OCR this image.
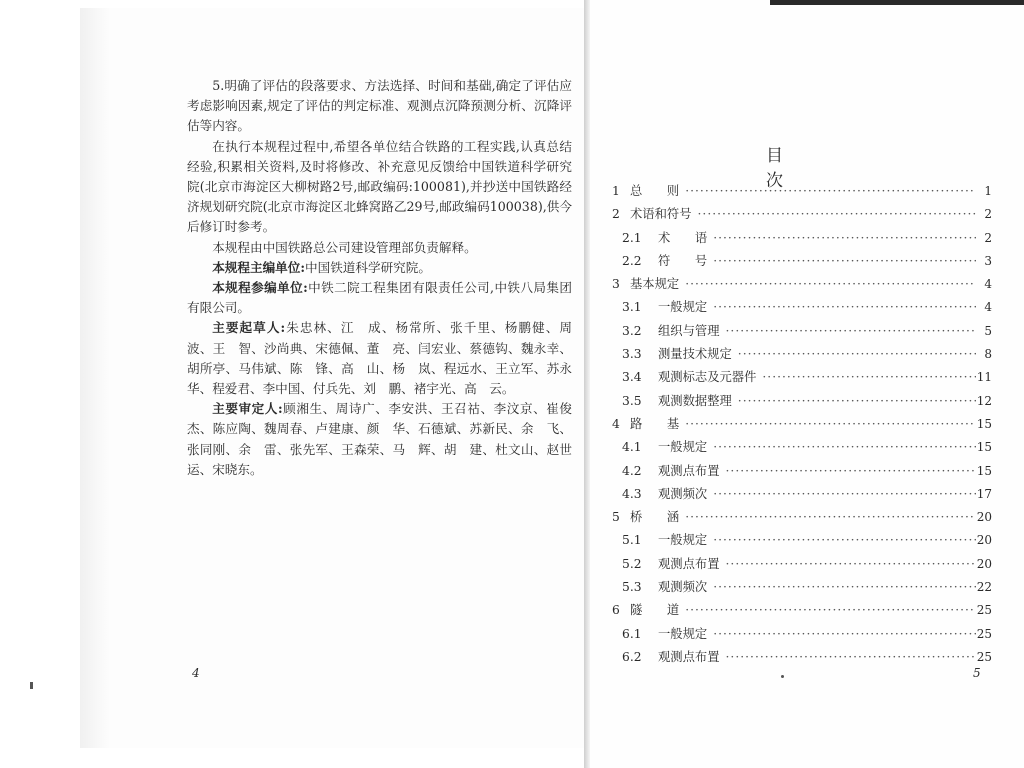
5.明确了评估的段落要求、方法选择、时间和基础,确定了评估应考虑影响因素,规定了评估的判定标准、观测点沉降预测分析、沉降评估等内容。

在执行本规程过程中,希望各单位结合铁路的工程实践,认真总结经验,积累相关资料,及时将修改、补充意见反馈给中国铁道科学研究院(北京市海淀区大柳树路2号,邮政编码:100081),并抄送中国铁路经济规划研究院(北京市海淀区北蜂窝路乙29号,邮政编码100038),供今后修订时参考。

本规程由中国铁路总公司建设管理部负责解释。

本规程主编单位:中国铁道科学研究院。

本规程参编单位:中铁二院工程集团有限责任公司,中铁八局集团有限公司。

主要起草人:朱忠林、江　成、杨常所、张千里、杨鹏健、周　波、王　智、沙尚典、宋德佩、董　亮、闫宏业、蔡德钩、魏永幸、胡所亭、马伟斌、陈　锋、高　山、杨　岚、程远水、王立军、苏永华、程爱君、李中国、付兵先、刘　鹏、褚宇光、高　云。

主要审定人:顾湘生、周诗广、李安洪、王召祜、李汶京、崔俊杰、陈应陶、魏周春、卢建康、颜　华、石德斌、苏新民、余　飞、张同刚、余　雷、张先军、王森荣、马　辉、胡　建、杜文山、赵世运、宋晓东。

4
目次
1 总　　则 ·····	1
2 术语和符号 ·····	2
2.1	术　　语 ·····	2
2.2	符　　号 ·····	3
3 基本规定 ·····	4
3.1	一般规定 ·····	4
3.2	组织与管理 ·····	5
3.3	测量技术规定 ·····	8
3.4	观测标志及元器件 ·····	11
3.5	观测数据整理 ·····	12
4 路　　基 ·····	15
4.1	一般规定 ·····	15
4.2	观测点布置 ·····	15
4.3	观测频次 ·····	17
5 桥　　涵 ·····	20
5.1	一般规定 ·····	20
5.2	观测点布置 ·····	20
5.3	观测频次 ·····	22
6 隧　　道 ·····	25
6.1	一般规定 ·····	25
6.2	观测点布置 ·····	25
5
